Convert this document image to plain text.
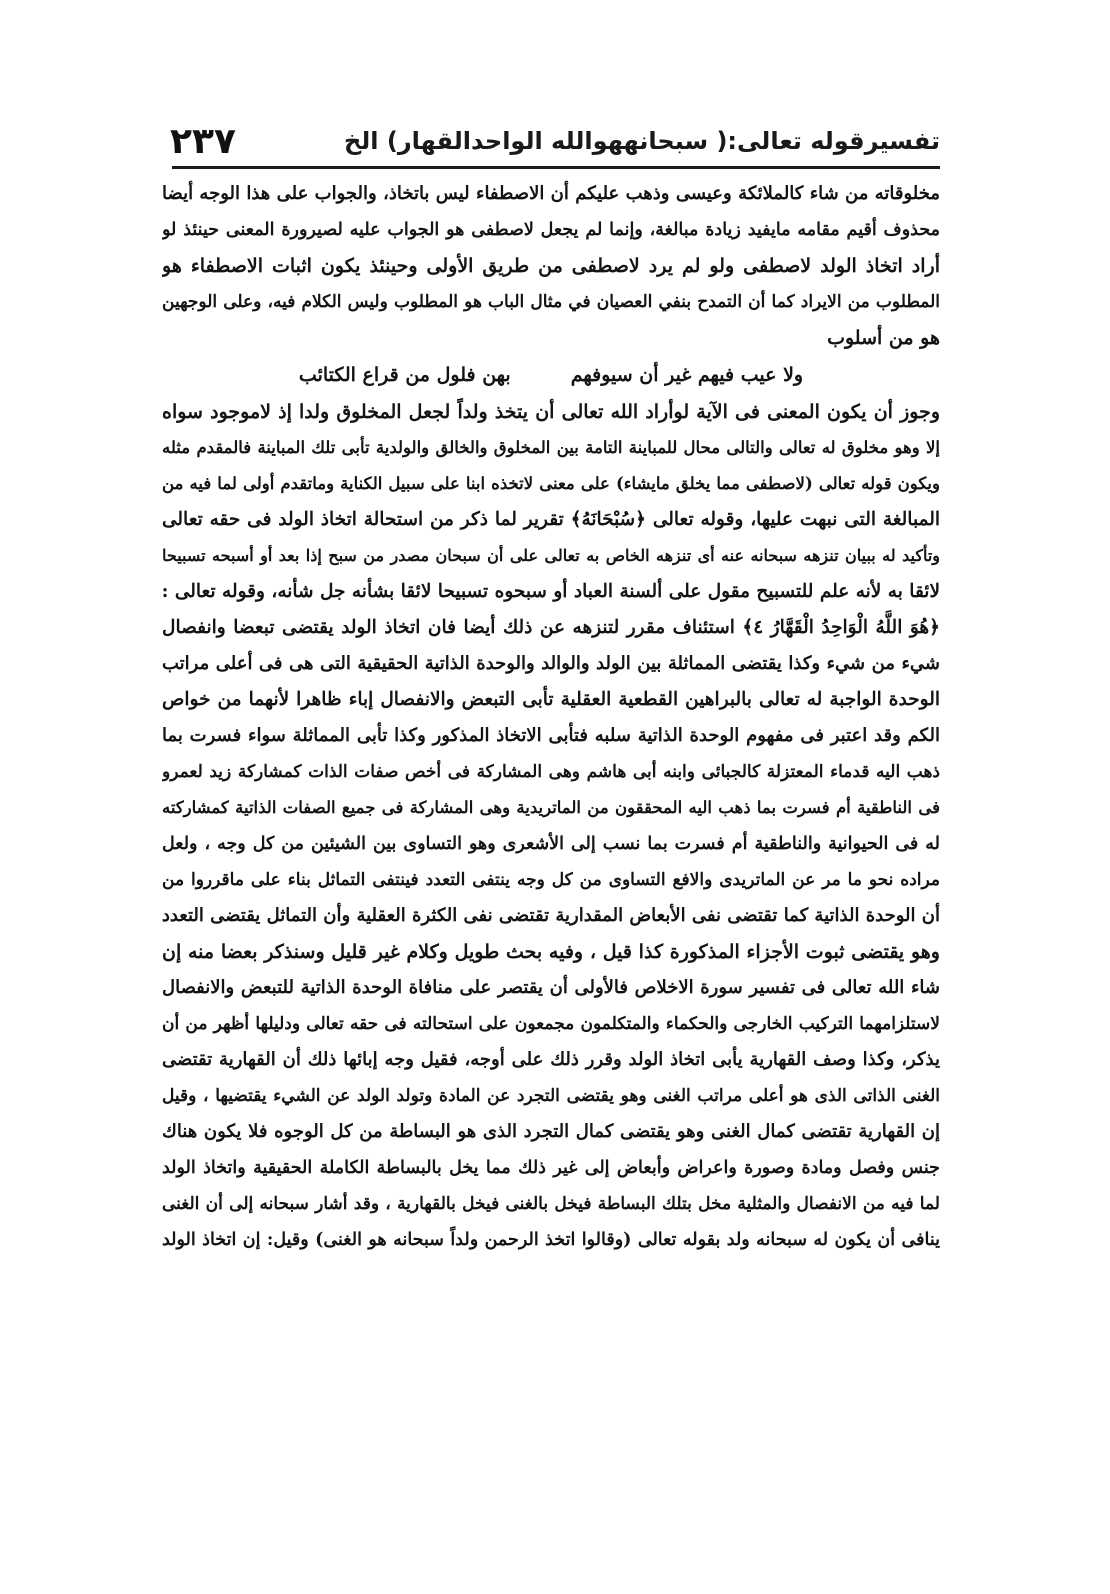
تفسيرقوله تعالى:( سبحانههوالله الواحدالقهار) الخ
٢٣٧
مخلوقاته من شاء كالملائكة وعيسى وذهب عليكم أن الاصطفاء ليس باتخاذ، والجواب على هذا الوجه أيضا
محذوف أقيم مقامه مايفيد زيادة مبالغة، وإنما لم يجعل لاصطفى هو الجواب عليه لصيرورة المعنى حينئذ لو
أراد اتخاذ الولد لاصطفى ولو لم يرد لاصطفى من طريق الأولى وحينئذ يكون اثبات الاصطفاء هو
المطلوب من الايراد كما أن التمدح بنفي العصيان في مثال الباب هو المطلوب وليس الكلام فيه، وعلى الوجهين
هو من أسلوب
ولا عيب فيهم غير أن سيوفهم
بهن فلول من قراع الكتائب
وجوز أن يكون المعنى فى الآية لوأراد الله تعالى أن يتخذ ولداً لجعل المخلوق ولدا إذ لاموجود سواه
إلا وهو مخلوق له تعالى والتالى محال للمباينة التامة بين المخلوق والخالق والولدية تأبى تلك المباينة فالمقدم مثله
ويكون قوله تعالى (لاصطفى مما يخلق مايشاء) على معنى لاتخذه ابنا على سبيل الكناية وماتقدم أولى لما فيه من
المبالغة التى نبهت عليها، وقوله تعالى ﴿سُبْحَانَهُ﴾ تقرير لما ذكر من استحالة اتخاذ الولد فى حقه تعالى
وتأكيد له ببيان تنزهه سبحانه عنه أى تنزهه الخاص به تعالى على أن سبحان مصدر من سبح إذا بعد أو أسبحه تسبيحا
لائقا به لأنه علم للتسبيح مقول على ألسنة العباد أو سبحوه تسبيحا لائقا بشأنه جل شأنه، وقوله تعالى :
﴿هُوَ اللَّهُ الْوَاحِدُ الْقَهَّارُ ٤﴾ استئناف مقرر لتنزهه عن ذلك أيضا فان اتخاذ الولد يقتضى تبعضا وانفصال
شيء من شيء وكذا يقتضى المماثلة بين الولد والوالد والوحدة الذاتية الحقيقية التى هى فى أعلى مراتب
الوحدة الواجبة له تعالى بالبراهين القطعية العقلية تأبى التبعض والانفصال إباء ظاهرا لأنهما من خواص
الكم وقد اعتبر فى مفهوم الوحدة الذاتية سلبه فتأبى الاتخاذ المذكور وكذا تأبى المماثلة سواء فسرت بما
ذهب اليه قدماء المعتزلة كالجبائى وابنه أبى هاشم وهى المشاركة فى أخص صفات الذات كمشاركة زيد لعمرو
فى الناطقية أم فسرت بما ذهب اليه المحققون من الماتريدية وهى المشاركة فى جميع الصفات الذاتية كمشاركته
له فى الحيوانية والناطقية أم فسرت بما نسب إلى الأشعرى وهو التساوى بين الشيئين من كل وجه ، ولعل
مراده نحو ما مر عن الماتريدى والافع التساوى من كل وجه ينتفى التعدد فينتفى التماثل بناء على ماقرروا من
أن الوحدة الذاتية كما تقتضى نفى الأبعاض المقدارية تقتضى نفى الكثرة العقلية وأن التماثل يقتضى التعدد
وهو يقتضى ثبوت الأجزاء المذكورة كذا قيل ، وفيه بحث طويل وكلام غير قليل وسنذكر بعضا منه إن
شاء الله تعالى فى تفسير سورة الاخلاص فالأولى أن يقتصر على منافاة الوحدة الذاتية للتبعض والانفصال
لاستلزامهما التركيب الخارجى والحكماء والمتكلمون مجمعون على استحالته فى حقه تعالى ودليلها أظهر من أن
يذكر، وكذا وصف القهارية يأبى اتخاذ الولد وقرر ذلك على أوجه، فقيل وجه إبائها ذلك أن القهارية تقتضى
الغنى الذاتى الذى هو أعلى مراتب الغنى وهو يقتضى التجرد عن المادة وتولد الولد عن الشيء يقتضيها ، وقيل
إن القهارية تقتضى كمال الغنى وهو يقتضى كمال التجرد الذى هو البساطة من كل الوجوه فلا يكون هناك
جنس وفصل ومادة وصورة واعراض وأبعاض إلى غير ذلك مما يخل بالبساطة الكاملة الحقيقية واتخاذ الولد
لما فيه من الانفصال والمثلية مخل بتلك البساطة فيخل بالغنى فيخل بالقهارية ، وقد أشار سبحانه إلى أن الغنى
ينافى أن يكون له سبحانه ولد بقوله تعالى (وقالوا اتخذ الرحمن ولداً سبحانه هو الغنى) وقيل: إن اتخاذ الولد
